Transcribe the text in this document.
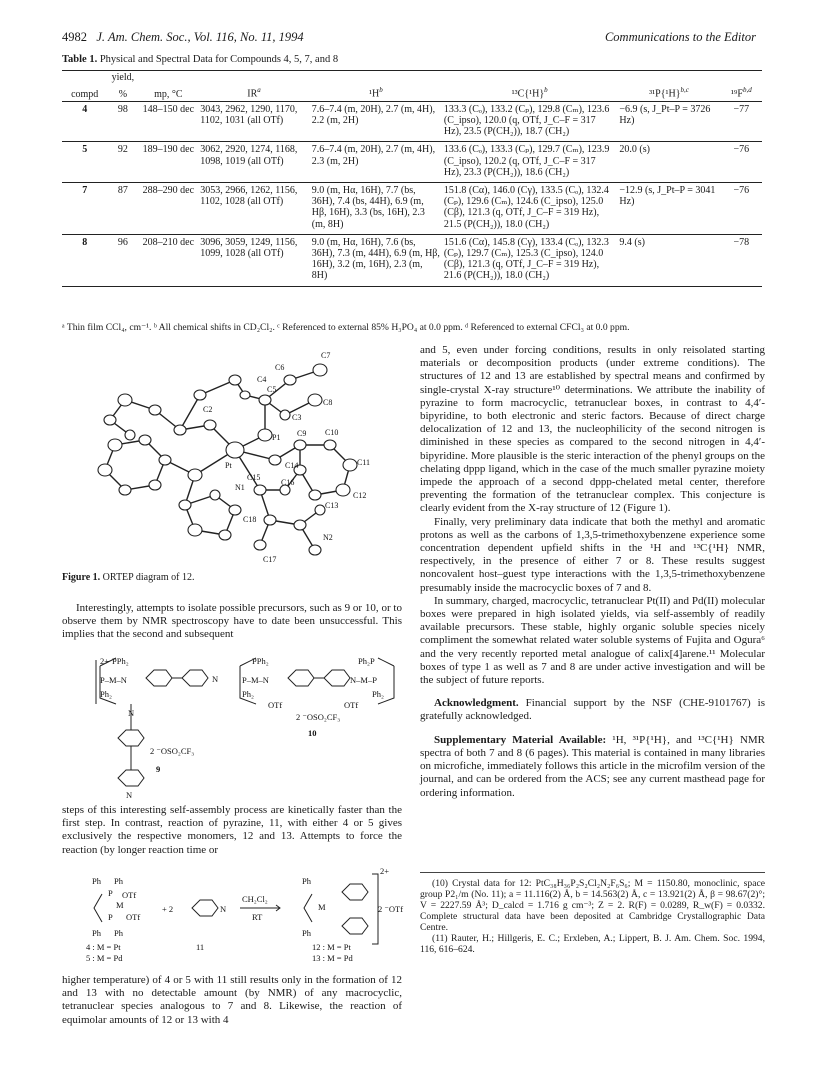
4982 J. Am. Chem. Soc., Vol. 116, No. 11, 1994	Communications to the Editor
Table 1. Physical and Spectral Data for Compounds 4, 5, 7, and 8
	yield,						
compd	%	mp, °C	$IR^a$	$^1H^b$	$^{13}C\{^1H\}^b$	$^{31}P\{^1H\}^{b,c}$	$^{19}F^{b,d}$
4	98	148–150 dec	3043, 2962, 1290, 1170, 1102, 1031 (all OTf)	7.6–7.4 (m, 20H), 2.7 (m, 4H), 2.2 (m, 2H)	133.3 (Cₒ), 133.2 (Cₚ), 129.8 (Cₘ), 123.6 (C_ipso), 120.0 (q, OTf, J_C–F = 317 Hz), 23.5 (P(CH₂)), 18.7 (CH₂)	−6.9 (s, J_Pt–P = 3726 Hz)	−77
5	92	189–190 dec	3062, 2920, 1274, 1168, 1098, 1019 (all OTf)	7.6–7.4 (m, 20H), 2.7 (m, 4H), 2.3 (m, 2H)	133.6 (Cₒ), 133.3 (Cₚ), 129.7 (Cₘ), 123.9 (C_ipso), 120.2 (q, OTf, J_C–F = 317 Hz), 23.3 (P(CH₂)), 18.6 (CH₂)	20.0 (s)	−76
7	87	288–290 dec	3053, 2966, 1262, 1156, 1102, 1028 (all OTf)	9.0 (m, Hα, 16H), 7.7 (bs, 36H), 7.4 (bs, 44H), 6.9 (m, Hβ, 16H), 3.3 (bs, 16H), 2.3 (m, 8H)	151.8 (Cα), 146.0 (Cγ), 133.5 (Cₒ), 132.4 (Cₚ), 129.6 (Cₘ), 124.6 (C_ipso), 125.0 (Cβ), 121.3 (q, OTf, J_C–F = 319 Hz), 21.5 (P(CH₂)), 18.0 (CH₂)	−12.9 (s, J_Pt–P = 3041 Hz)	−76
8	96	208–210 dec	3096, 3059, 1249, 1156, 1099, 1028 (all OTf)	9.0 (m, Hα, 16H), 7.6 (bs, 36H), 7.3 (m, 44H), 6.9 (m, Hβ, 16H), 3.2 (m, 16H), 2.3 (m, 8H)	151.6 (Cα), 145.8 (Cγ), 133.4 (Cₒ), 132.3 (Cₚ), 129.7 (Cₘ), 125.3 (C_ipso), 124.0 (Cβ), 121.3 (q, OTf, J_C–F = 319 Hz), 21.6 (P(CH₂)), 18.0 (CH₂)	9.4 (s)	−78
ᵃ Thin film CCl₄, cm⁻¹. ᵇ All chemical shifts in CD₂Cl₂. ᶜ Referenced to external 85% H₃PO₄ at 0.0 ppm. ᵈ Referenced to external CFCl₃ at 0.0 ppm.
C7
C6
C5
C8
C4
C2
C3
P1 C9 C10
C14	C11
C15
C16
C12
N1
Pt
C13
C18
N2
C17
Figure 1. ORTEP diagram of 12.

Interestingly, attempts to isolate possible precursors, such as 9 or 10, or to observe them by NMR spectroscopy have to date been unsuccessful. This implies that the second and subsequent

2+ PPh₂
P–M–N
Ph₂
N
N
N
2 ⁻OSO₂CF₃
9
PPh₂
P–M–N
Ph₂
OTf
Ph₂P
N–M–P
Ph₂
OTf
2 ⁻OSO₂CF₃
10

steps of this interesting self-assembly process are kinetically faster than the first step. In contrast, reaction of pyrazine, 11, with either 4 or 5 gives exclusively the respective monomers, 12 and 13. Attempts to force the reaction (by longer reaction time or

Ph Ph
P
M
P
OTf
OTf
Ph Ph
+ 2	N
CH₂Cl₂
RT
Ph
M
Ph
2+
2 ⁻OTf
4 : M = Pt
5 : M = Pd
11	12 : M = Pt
13 : M = Pd

higher temperature) of 4 or 5 with 11 still results only in the formation of 12 and 13 with no detectable amount (by NMR) of any macrocyclic, tetranuclear species analogous to 7 and 8. Likewise, the reaction of equimolar amounts of 12 or 13 with 4

and 5, even under forcing conditions, results in only reisolated starting materials or decomposition products (under extreme conditions). The structures of 12 and 13 are established by spectral means and confirmed by single-crystal X-ray structure¹⁰ determinations. We attribute the inability of pyrazine to form macrocyclic, tetranuclear boxes, in contrast to 4,4′-bipyridine, to both electronic and steric factors. Because of direct charge delocalization of 12 and 13, the nucleophilicity of the second nitrogen is diminished in these species as compared to the second nitrogen in 4,4′-bipyridine. More plausible is the steric interaction of the phenyl groups on the chelating dppp ligand, which in the case of the much smaller pyrazine moiety impede the approach of a second dppp-chelated metal center, therefore preventing the formation of the tetranuclear complex. This conjecture is clearly evident from the X-ray structure of 12 (Figure 1).

Finally, very preliminary data indicate that both the methyl and aromatic protons as well as the carbons of 1,3,5-trimethoxybenzene experience some concentration dependent upfield shifts in the ¹H and ¹³C{¹H} NMR, respectively, in the presence of either 7 or 8. These results suggest noncovalent host–guest type interactions with the 1,3,5-trimethoxybenzene presumably inside the macrocyclic boxes of 7 and 8.

In summary, charged, macrocyclic, tetranuclear Pt(II) and Pd(II) molecular boxes were prepared in high isolated yields, via self-assembly of readily available precursors. These stable, highly organic soluble species nicely compliment the somewhat related water soluble systems of Fujita and Ogura⁶ and the very recently reported metal analogue of calix[4]arene.¹¹ Molecular boxes of type 1 as well as 7 and 8 are under active investigation and will be the subject of future reports.

Acknowledgment. Financial support by the NSF (CHE-9101767) is gratefully acknowledged.

Supplementary Material Available: ¹H, ³¹P{¹H}, and ¹³C{¹H} NMR spectra of both 7 and 8 (6 pages). This material is contained in many libraries on microfiche, immediately follows this article in the microfilm version of the journal, and can be ordered from the ACS; see any current masthead page for ordering information.

(10) Crystal data for 12: PtC₃₈H₃₆P₂S₂Cl₂N₂F₆S₆; M = 1150.80, monoclinic, space group P2₁/m (No. 11); a = 11.116(2) Å, b = 14.563(2) Å, c = 13.921(2) Å, β = 98.67(2)°; V = 2227.59 Å³; D_calcd = 1.716 g cm⁻³; Z = 2. R(F) = 0.0289, R_w(F) = 0.0332. Complete structural data have been deposited at Cambridge Crystallographic Data Centre.

(11) Rauter, H.; Hillgeris, E. C.; Erxleben, A.; Lippert, B. J. Am. Chem. Soc. 1994, 116, 616–624.
